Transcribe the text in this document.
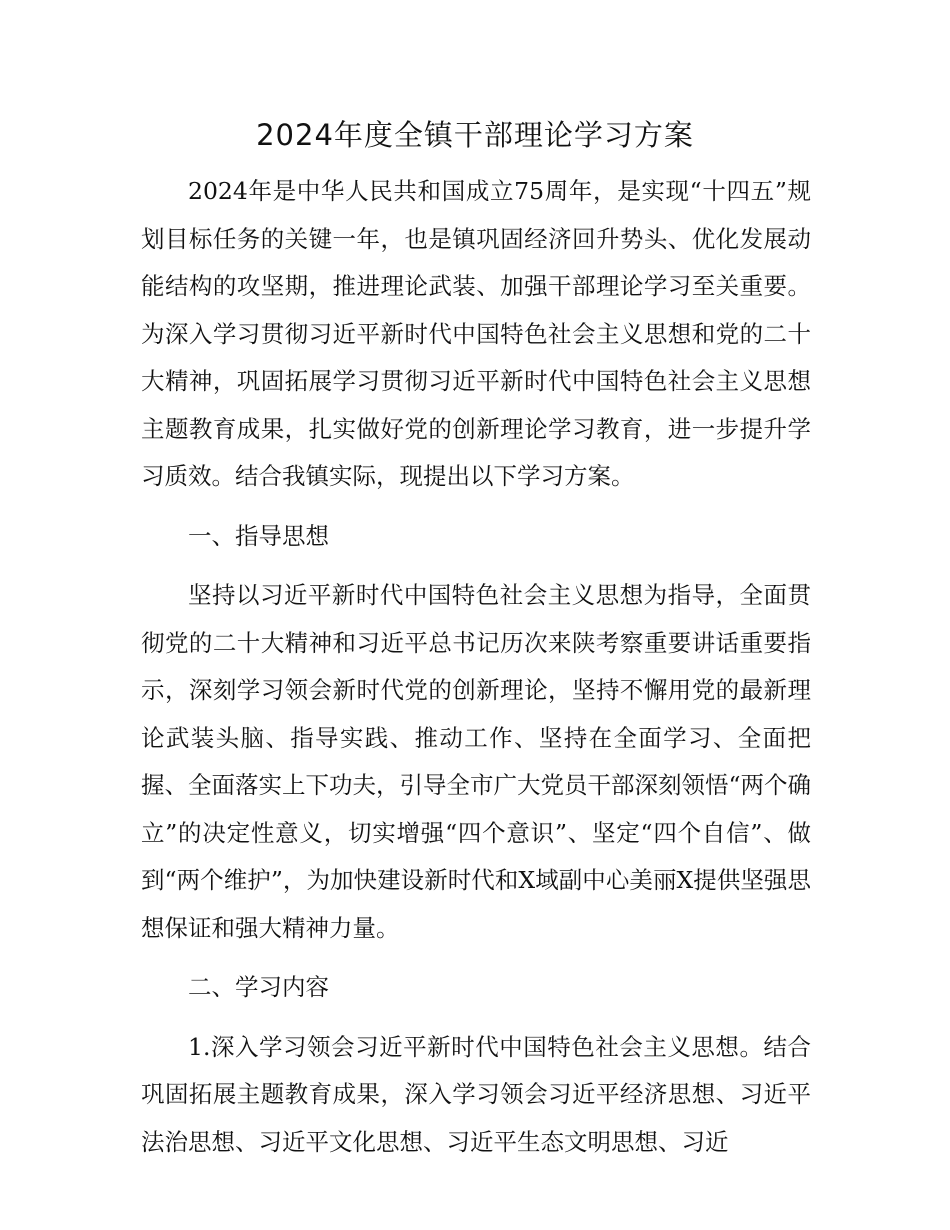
2024年度全镇干部理论学习方案

2024年是中华人民共和国成立75周年，是实现“十四五”规划目标任务的关键一年，也是镇巩固经济回升势头、优化发展动能结构的攻坚期，推进理论武装、加强干部理论学习至关重要。为深入学习贯彻习近平新时代中国特色社会主义思想和党的二十大精神，巩固拓展学习贯彻习近平新时代中国特色社会主义思想主题教育成果，扎实做好党的创新理论学习教育，进一步提升学习质效。结合我镇实际，现提出以下学习方案。

一、指导思想

坚持以习近平新时代中国特色社会主义思想为指导，全面贯彻党的二十大精神和习近平总书记历次来陕考察重要讲话重要指示，深刻学习领会新时代党的创新理论，坚持不懈用党的最新理论武装头脑、指导实践、推动工作、坚持在全面学习、全面把握、全面落实上下功夫，引导全市广大党员干部深刻领悟“两个确立”的决定性意义，切实增强“四个意识”、坚定“四个自信”、做到“两个维护”，为加快建设新时代和X域副中心美丽X提供坚强思想保证和强大精神力量。

二、学习内容

1.深入学习领会习近平新时代中国特色社会主义思想。结合巩固拓展主题教育成果，深入学习领会习近平经济思想、习近平法治思想、习近平文化思想、习近平生态文明思想、习近
